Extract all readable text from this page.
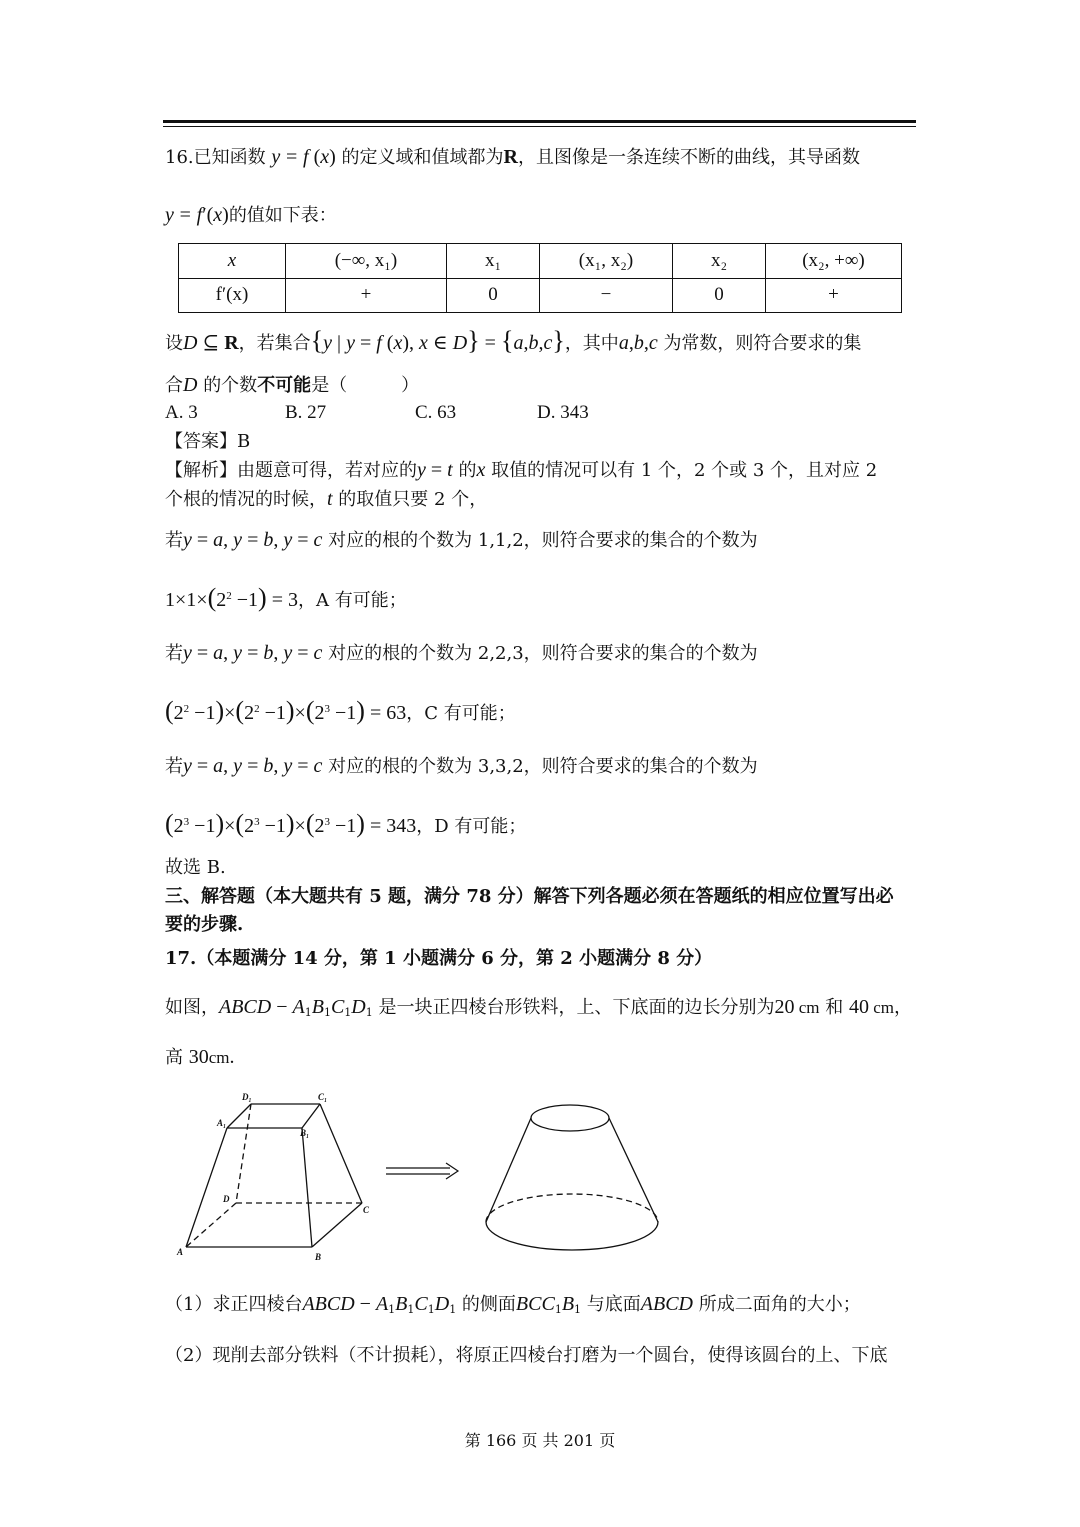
16.已知函数 y = f (x) 的定义域和值域都为R，且图像是一条连续不断的曲线，其导函数
y = f′(x)的值如下表：
x	(−∞, x₁)	x₁	(x₁, x₂)	x₂	(x₂, +∞)
f′(x)	+	0	−	0	+
设D ⊆ R，若集合{y | y = f (x), x ∈ D} = {a,b,c}，其中a,b,c 为常数，则符合要求的集
合D 的个数不可能是（　　　）
A. 3	B. 27	C. 63	D. 343
【答案】B
【解析】由题意可得，若对应的y = t 的x 取值的情况可以有 1 个，2 个或 3 个，且对应 2
个根的情况的时候，t 的取值只要 2 个，
若y = a, y = b, y = c 对应的根的个数为 1,1,2，则符合要求的集合的个数为
$1\times 1\times(2^2 -1) = 3$，A 有可能；
若y = a, y = b, y = c 对应的根的个数为 2,2,3，则符合要求的集合的个数为
$(2^2 -1)\times(2^2 -1)\times(2^3 -1) = 63$，C 有可能；
若y = a, y = b, y = c 对应的根的个数为 3,3,2，则符合要求的集合的个数为
$(2^3 -1)\times(2^3 -1)\times(2^3 -1) = 343$，D 有可能；
故选 B.
三、解答题（本大题共有 5 题，满分 78 分）解答下列各题必须在答题纸的相应位置写出必
要的步骤.
17.（本题满分 14 分，第 1 小题满分 6 分，第 2 小题满分 8 分）
如图，ABCD − $A_1B_1C_1D_1$ 是一块正四棱台形铁料，上、下底面的边长分别为20 cm 和 40 cm，
高 30cm.
D₁	C₁
A₁
B₁
D
C
A	B
（1）求正四棱台ABCD − $A_1B_1C_1D_1$ 的侧面$BCC_1B_1$ 与底面ABCD 所成二面角的大小；
（2）现削去部分铁料（不计损耗），将原正四棱台打磨为一个圆台，使得该圆台的上、下底
第 166 页 共 201 页
